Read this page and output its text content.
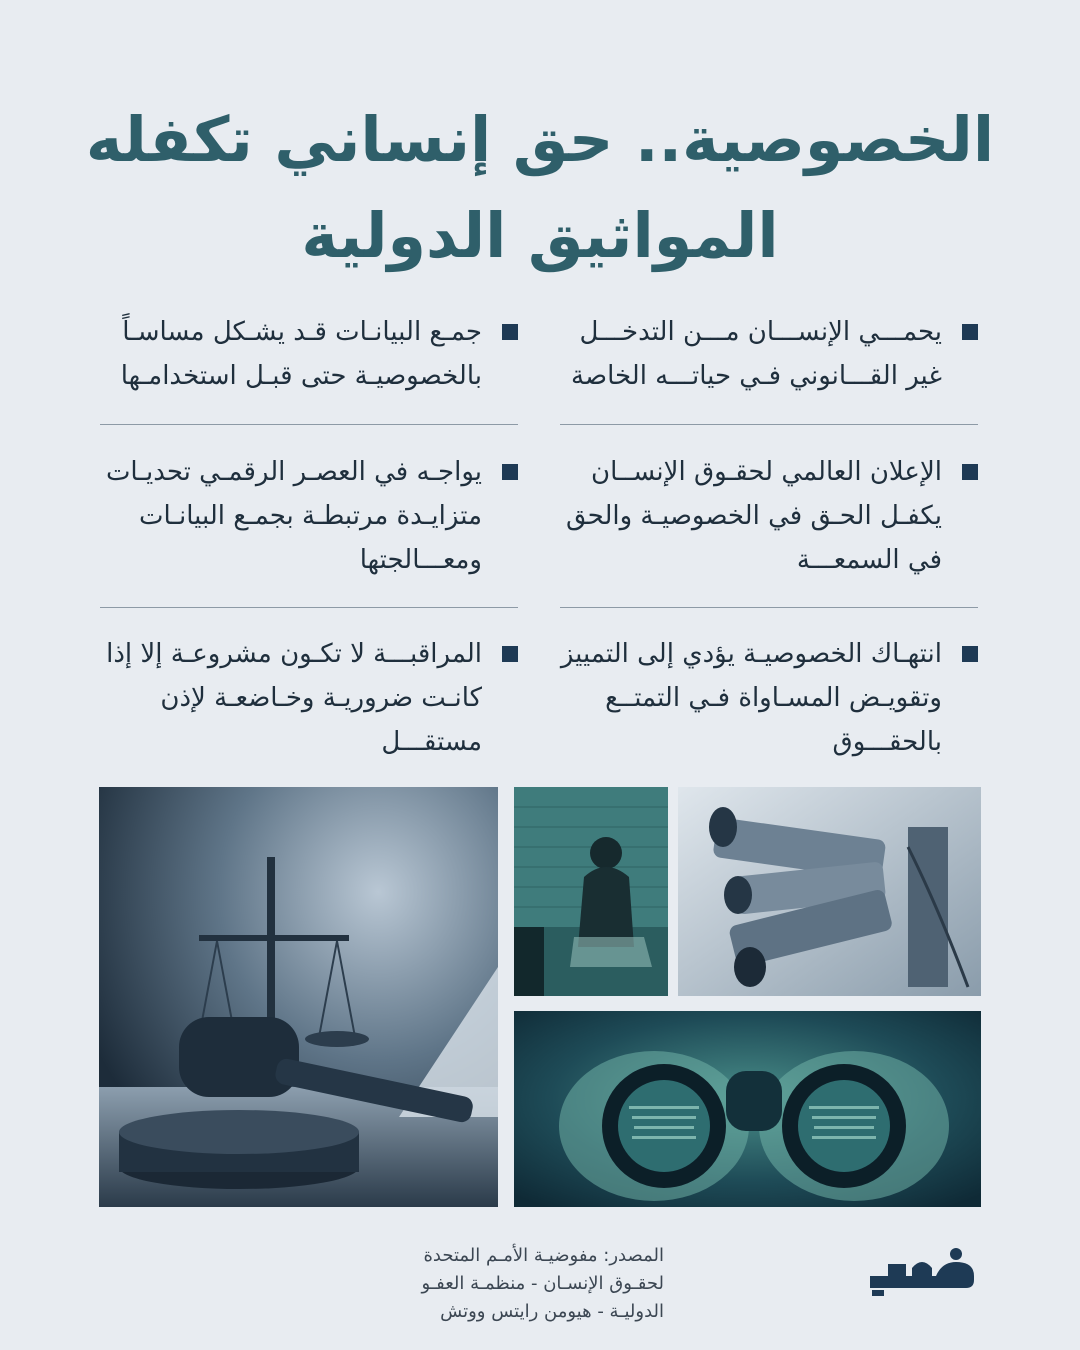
الخصوصية.. حق إنساني تكفله
المواثيق الدولية
يحمـــي الإنســـان مـــن التدخـــل غير القـــانوني فـي حياتـــه الخاصة
الإعلان العالمي لحقـوق الإنســان يكفـل الحـق في الخصوصيـة والحق في السمعـــة
انتهـاك الخصوصيـة يؤدي إلى التمييز وتقويـض المسـاواة فـي التمتــع بالحقـــوق
جمـع البيانـات قـد يشـكل مساسـاً بالخصوصيـة حتى قبـل استخدامـها
يواجـه في العصـر الرقمـي تحديـات متزايـدة مرتبطـة بجمـع البيانـات ومعـــالجتها
المراقبـــة لا تكـون مشروعـة إلا إذا كانـت ضروريـة وخـاضعـة لإذن مستقـــل
المصدر: مفوضيـة الأمـم المتحدة لحقـوق الإنسـان - منظمـة العفـو الدوليـة - هيومن رايتس ووتش
